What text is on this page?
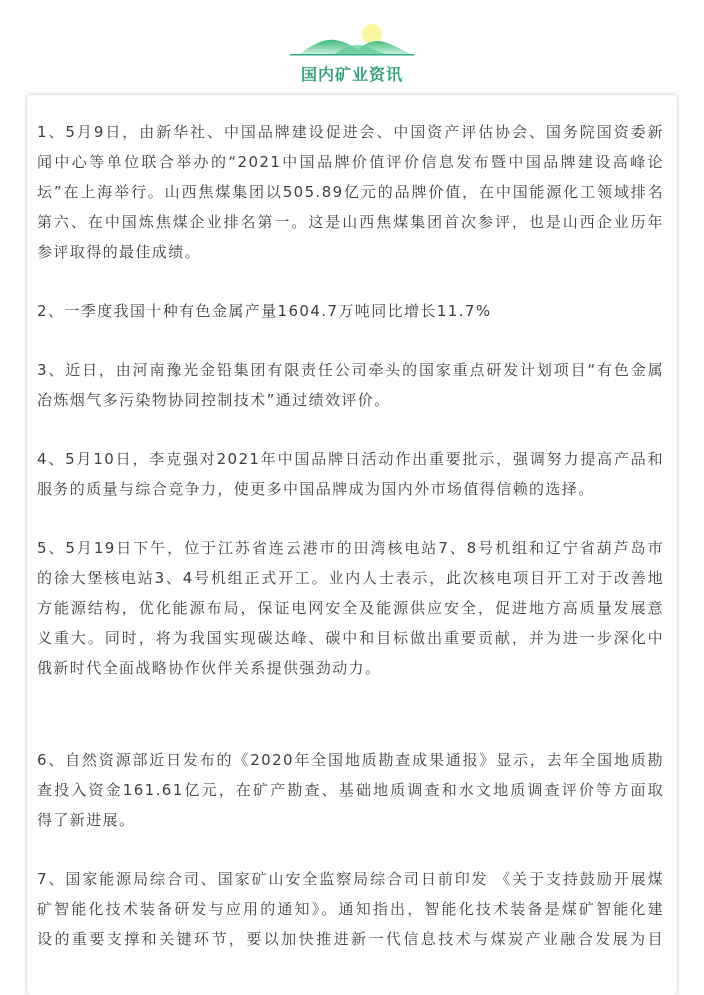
国内矿业资讯
1、5月9日，由新华社、中国品牌建设促进会、中国资产评估协会、国务院国资委新
闻中心等单位联合举办的“2021中国品牌价值评价信息发布暨中国品牌建设高峰论
坛”在上海举行。山西焦煤集团以505.89亿元的品牌价值，在中国能源化工领域排名
第六、在中国炼焦煤企业排名第一。这是山西焦煤集团首次参评，也是山西企业历年
参评取得的最佳成绩。
2、一季度我国十种有色金属产量1604.7万吨同比增长11.7%
3、近日，由河南豫光金铅集团有限责任公司牵头的国家重点研发计划项目“有色金属
冶炼烟气多污染物协同控制技术”通过绩效评价。
4、5月10日，李克强对2021年中国品牌日活动作出重要批示，强调努力提高产品和
服务的质量与综合竞争力，使更多中国品牌成为国内外市场值得信赖的选择。
5、5月19日下午，位于江苏省连云港市的田湾核电站7、8号机组和辽宁省葫芦岛市
的徐大堡核电站3、4号机组正式开工。业内人士表示，此次核电项目开工对于改善地
方能源结构，优化能源布局，保证电网安全及能源供应安全，促进地方高质量发展意
义重大。同时，将为我国实现碳达峰、碳中和目标做出重要贡献，并为进一步深化中
俄新时代全面战略协作伙伴关系提供强劲动力。
6、自然资源部近日发布的《2020年全国地质勘查成果通报》显示，去年全国地质勘
查投入资金161.61亿元，在矿产勘查、基础地质调查和水文地质调查评价等方面取
得了新进展。
7、国家能源局综合司、国家矿山安全监察局综合司日前印发 《关于支持鼓励开展煤
矿智能化技术装备研发与应用的通知》。通知指出，智能化技术装备是煤矿智能化建
设的重要支撑和关键环节，要以加快推进新一代信息技术与煤炭产业融合发展为目
